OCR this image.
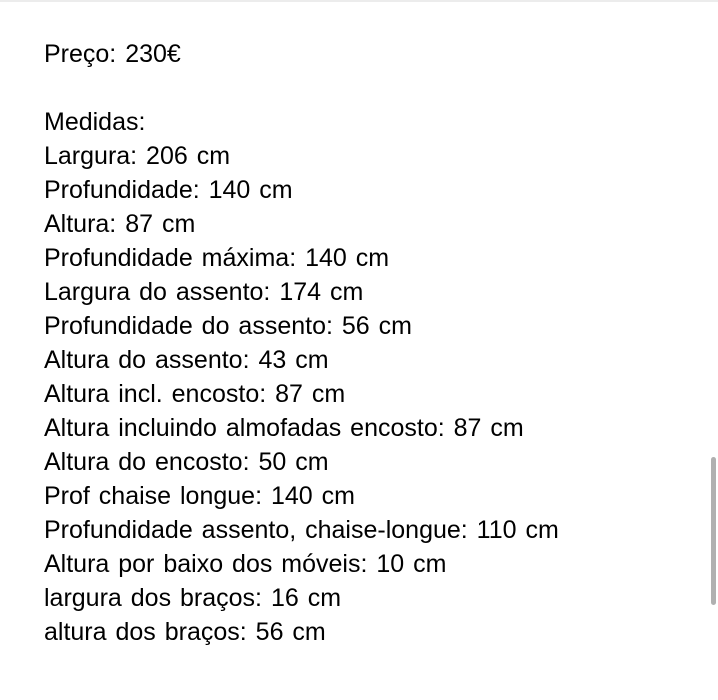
Preço: 230€
Medidas:
Largura: 206 cm
Profundidade: 140 cm
Altura: 87 cm
Profundidade máxima: 140 cm
Largura do assento: 174 cm
Profundidade do assento: 56 cm
Altura do assento: 43 cm
Altura incl. encosto: 87 cm
Altura incluindo almofadas encosto: 87 cm
Altura do encosto: 50 cm
Prof chaise longue: 140 cm
Profundidade assento, chaise-longue: 110 cm
Altura por baixo dos móveis: 10 cm
largura dos braços: 16 cm
altura dos braços: 56 cm
